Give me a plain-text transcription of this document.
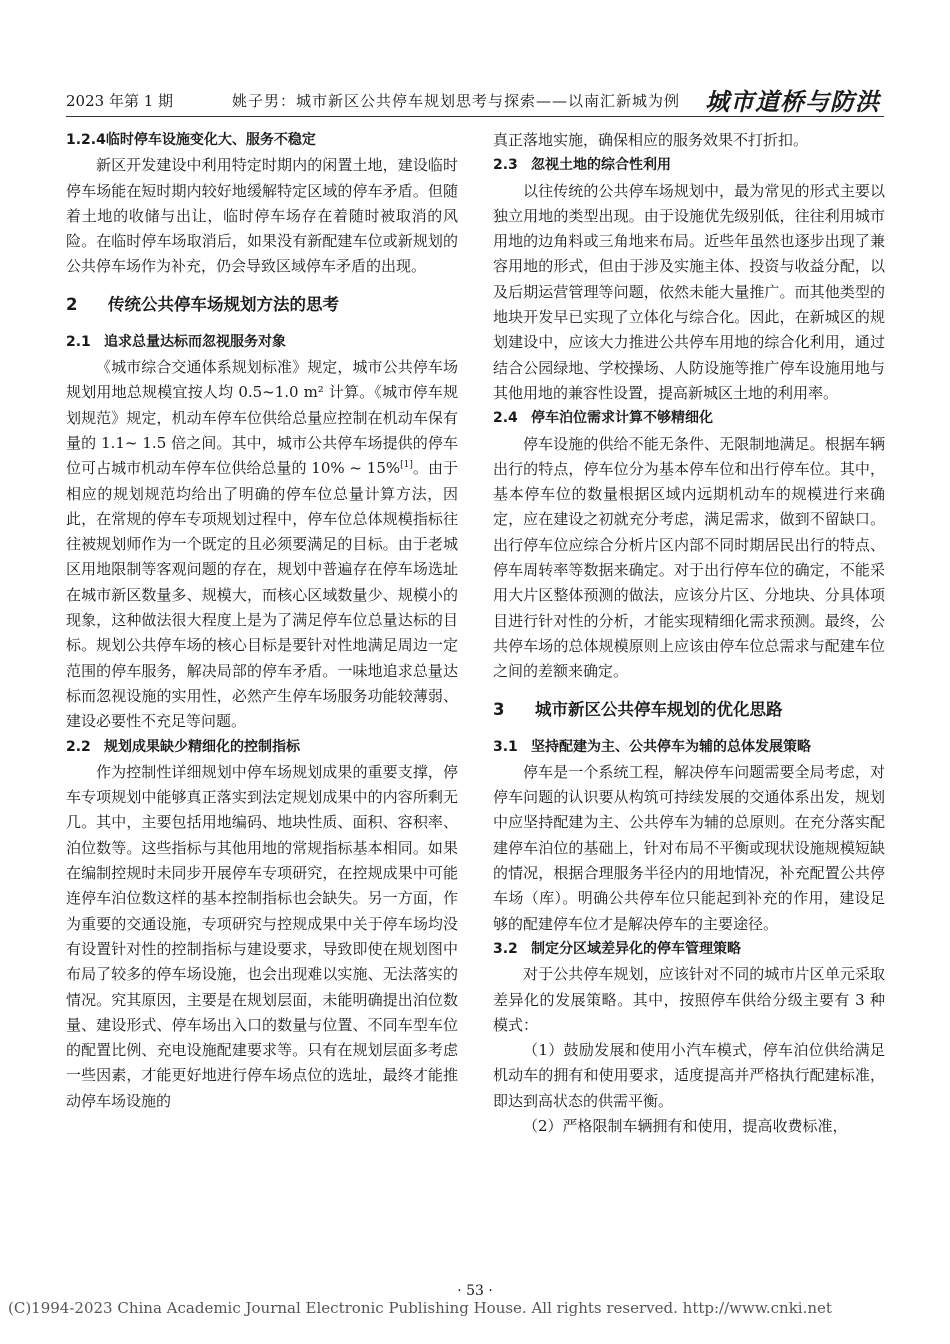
2023 年第 1 期	姚子男：城市新区公共停车规划思考与探索——以南汇新城为例 城市道桥与防洪
1.2.4临时停车设施变化大、服务不稳定

新区开发建设中利用特定时期内的闲置土地，建设临时停车场能在短时期内较好地缓解特定区域的停车矛盾。但随着土地的收储与出让，临时停车场存在着随时被取消的风险。在临时停车场取消后，如果没有新配建车位或新规划的公共停车场作为补充，仍会导致区域停车矛盾的出现。

2 传统公共停车场规划方法的思考
2.1 追求总量达标而忽视服务对象

《城市综合交通体系规划标准》规定，城市公共停车场规划用地总规模宜按人均 0.5~1.0 m² 计算。《城市停车规划规范》规定，机动车停车位供给总量应控制在机动车保有量的 1.1~ 1.5 倍之间。其中，城市公共停车场提供的停车位可占城市机动车停车位供给总量的 10% ~ 15%[1]。由于相应的规划规范均给出了明确的停车位总量计算方法，因此，在常规的停车专项规划过程中，停车位总体规模指标往往被规划师作为一个既定的且必须要满足的目标。由于老城区用地限制等客观问题的存在，规划中普遍存在停车场选址在城市新区数量多、规模大，而核心区域数量少、规模小的现象，这种做法很大程度上是为了满足停车位总量达标的目标。规划公共停车场的核心目标是要针对性地满足周边一定范围的停车服务，解决局部的停车矛盾。一味地追求总量达标而忽视设施的实用性，必然产生停车场服务功能较薄弱、建设必要性不充足等问题。

2.2 规划成果缺少精细化的控制指标

作为控制性详细规划中停车场规划成果的重要支撑，停车专项规划中能够真正落实到法定规划成果中的内容所剩无几。其中，主要包括用地编码、地块性质、面积、容积率、泊位数等。这些指标与其他用地的常规指标基本相同。如果在编制控规时未同步开展停车专项研究，在控规成果中可能连停车泊位数这样的基本控制指标也会缺失。另一方面，作为重要的交通设施，专项研究与控规成果中关于停车场均没有设置针对性的控制指标与建设要求，导致即使在规划图中布局了较多的停车场设施，也会出现难以实施、无法落实的情况。究其原因，主要是在规划层面，未能明确提出泊位数量、建设形式、停车场出入口的数量与位置、不同车型车位的配置比例、充电设施配建要求等。只有在规划层面多考虑一些因素，才能更好地进行停车场点位的选址，最终才能推动停车场设施的

真正落地实施，确保相应的服务效果不打折扣。

2.3 忽视土地的综合性利用

以往传统的公共停车场规划中，最为常见的形式主要以独立用地的类型出现。由于设施优先级别低，往往利用城市用地的边角料或三角地来布局。近些年虽然也逐步出现了兼容用地的形式，但由于涉及实施主体、投资与收益分配，以及后期运营管理等问题，依然未能大量推广。而其他类型的地块开发早已实现了立体化与综合化。因此，在新城区的规划建设中，应该大力推进公共停车用地的综合化利用，通过结合公园绿地、学校操场、人防设施等推广停车设施用地与其他用地的兼容性设置，提高新城区土地的利用率。

2.4 停车泊位需求计算不够精细化

停车设施的供给不能无条件、无限制地满足。根据车辆出行的特点，停车位分为基本停车位和出行停车位。其中，基本停车位的数量根据区域内远期机动车的规模进行来确定，应在建设之初就充分考虑，满足需求，做到不留缺口。出行停车位应综合分析片区内部不同时期居民出行的特点、停车周转率等数据来确定。对于出行停车位的确定，不能采用大片区整体预测的做法，应该分片区、分地块、分具体项目进行针对性的分析，才能实现精细化需求预测。最终，公共停车场的总体规模原则上应该由停车位总需求与配建车位之间的差额来确定。

3 城市新区公共停车规划的优化思路
3.1 坚持配建为主、公共停车为辅的总体发展策略

停车是一个系统工程，解决停车问题需要全局考虑，对停车问题的认识要从构筑可持续发展的交通体系出发，规划中应坚持配建为主、公共停车为辅的总原则。在充分落实配建停车泊位的基础上，针对布局不平衡或现状设施规模短缺的情况，根据合理服务半径内的用地情况，补充配置公共停车场（库）。明确公共停车位只能起到补充的作用，建设足够的配建停车位才是解决停车的主要途径。

3.2 制定分区域差异化的停车管理策略

对于公共停车规划，应该针对不同的城市片区单元采取差异化的发展策略。其中，按照停车供给分级主要有 3 种模式：

（1）鼓励发展和使用小汽车模式，停车泊位供给满足机动车的拥有和使用要求，适度提高并严格执行配建标准，即达到高状态的供需平衡。

（2）严格限制车辆拥有和使用，提高收费标准，

· 53 ·
(C)1994-2023 China Academic Journal Electronic Publishing House. All rights reserved. http://www.cnki.net
